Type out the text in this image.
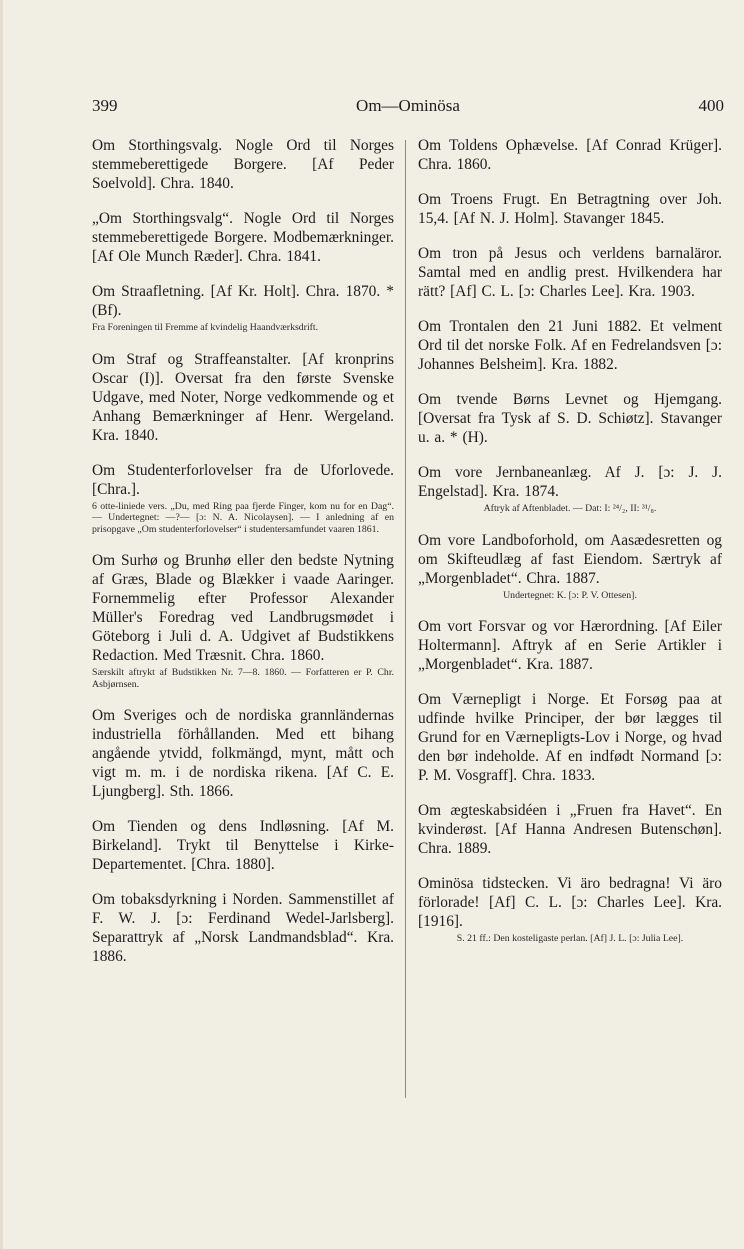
399	Om—Ominösa	400

Om Storthingsvalg. Nogle Ord til Norges stemmeberettigede Borgere. [Af Peder Soelvold]. Chra. 1840.

„Om Storthingsvalg“. Nogle Ord til Norges stemmeberettigede Borgere. Modbemærkninger. [Af Ole Munch Ræder]. Chra. 1841.

Om Straafletning. [Af Kr. Holt]. Chra. 1870. * (Bf).

Fra Foreningen til Fremme af kvindelig Haandværksdrift.

Om Straf og Straffeanstalter. [Af kronprins Oscar (I)]. Oversat fra den første Svenske Udgave, med Noter, Norge vedkommende og et Anhang Bemærkninger af Henr. Wergeland. Kra. 1840.

Om Studenterforlovelser fra de Uforlovede. [Chra.].

6 otte-liniede vers. „Du, med Ring paa fjerde Finger, kom nu for en Dag“. — Undertegnet: —?— [ɔ: N. A. Nicolaysen]. — I anledning af en prisopgave „Om studenterforlovelser“ i studentersamfundet vaaren 1861.

Om Surhø og Brunhø eller den bedste Nytning af Græs, Blade og Blækker i vaade Aaringer. Fornemmelig efter Professor Alexander Müller's Foredrag ved Landbrugsmødet i Göteborg i Juli d. A. Udgivet af Budstikkens Redaction. Med Træsnit. Chra. 1860.

Særskilt aftrykt af Budstikken Nr. 7—8. 1860. — Forfatteren er P. Chr. Asbjørnsen.

Om Sveriges och de nordiska grannländernas industriella förhållanden. Med ett bihang angående ytvidd, folkmängd, mynt, mått och vigt m. m. i de nordiska rikena. [Af C. E. Ljungberg]. Sth. 1866.

Om Tienden og dens Indløsning. [Af M. Birkeland]. Trykt til Benyttelse i Kirke-Departementet. [Chra. 1880].

Om tobaksdyrkning i Norden. Sammenstillet af F. W. J. [ɔ: Ferdinand Wedel-Jarlsberg]. Separattryk af „Norsk Landmandsblad“. Kra. 1886.

Om Toldens Ophævelse. [Af Conrad Krüger]. Chra. 1860.

Om Troens Frugt. En Betragtning over Joh. 15,4. [Af N. J. Holm]. Stavanger 1845.

Om tron på Jesus och verldens barnaläror. Samtal med en andlig prest. Hvilkendera har rätt? [Af] C. L. [ɔ: Charles Lee]. Kra. 1903.

Om Trontalen den 21 Juni 1882. Et velment Ord til det norske Folk. Af en Fedrelandsven [ɔ: Johannes Belsheim]. Kra. 1882.

Om tvende Børns Levnet og Hjemgang. [Oversat fra Tysk af S. D. Schiøtz]. Stavanger u. a. * (H).

Om vore Jernbaneanlæg. Af J. [ɔ: J. J. Engelstad]. Kra. 1874.

Aftryk af Aftenbladet. — Dat: I: ²⁴/₂, II: ³¹/₈.

Om vore Landboforhold, om Aasædesretten og om Skifteudlæg af fast Eiendom. Særtryk af „Morgenbladet“. Chra. 1887.

Undertegnet: K. [ɔ: P. V. Ottesen].

Om vort Forsvar og vor Hærordning. [Af Eiler Holtermann]. Aftryk af en Serie Artikler i „Morgenbladet“. Kra. 1887.

Om Værnepligt i Norge. Et Forsøg paa at udfinde hvilke Principer, der bør lægges til Grund for en Værnepligts-Lov i Norge, og hvad den bør indeholde. Af en indfødt Normand [ɔ: P. M. Vosgraff]. Chra. 1833.

Om ægteskabsidéen i „Fruen fra Havet“. En kvinderøst. [Af Hanna Andresen Butenschøn]. Chra. 1889.

Ominösa tidstecken. Vi äro bedragna! Vi äro förlorade! [Af] C. L. [ɔ: Charles Lee]. Kra. [1916].

S. 21 ff.: Den kosteligaste perlan. [Af] J. L. [ɔ: Julia Lee].
